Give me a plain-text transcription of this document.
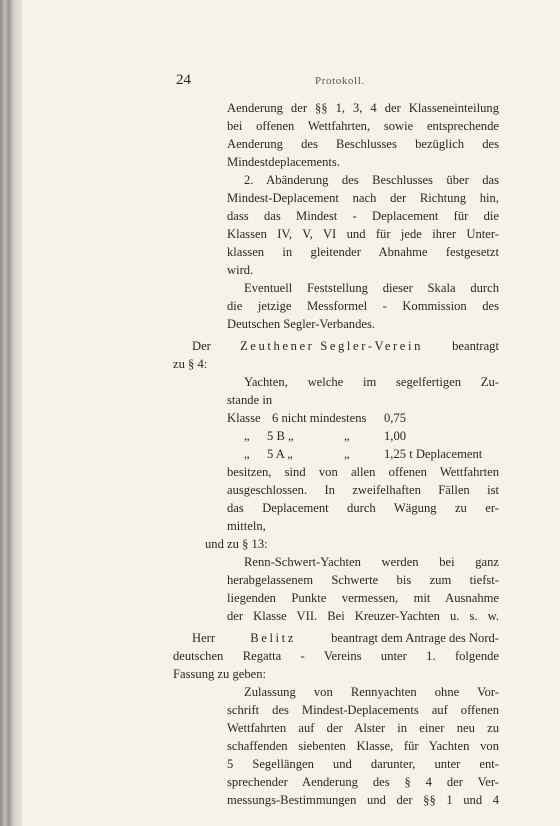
24	Protokoll.
Aenderung der §§ 1, 3, 4 der Klasseneinteilung
bei offenen Wettfahrten, sowie entsprechende
Aenderung des Beschlusses bezüglich des
Mindestdeplacements.
2. Abänderung des Beschlusses über das
Mindest-Deplacement nach der Richtung hin,
dass das Mindest - Deplacement für die
Klassen IV, V, VI und für jede ihrer Unter-
klassen in gleitender Abnahme festgesetzt
wird.
Eventuell Feststellung dieser Skala durch
die jetzige Messformel - Kommission des
Deutschen Segler-Verbandes.
Der Zeuthener Segler-Verein beantragt
zu § 4:
Yachten, welche im segelfertigen Zu-
stande in
Klasse 6 nicht mindestens 0,75
„ 5 B „	„	1,00
„ 5 A „	„	1,25 t Deplacement
besitzen, sind von allen offenen Wettfahrten
ausgeschlossen. In zweifelhaften Fällen ist
das Deplacement durch Wägung zu er-
mitteln,
und zu § 13:
Renn-Schwert-Yachten werden bei ganz
herabgelassenem Schwerte bis zum tiefst-
liegenden Punkte vermessen, mit Ausnahme
der Klasse VII. Bei Kreuzer-Yachten u. s. w.
Herr	Belitz	beantragt dem Antrage des Nord-
deutschen Regatta - Vereins unter 1. folgende
Fassung zu geben:
Zulassung von Rennyachten ohne Vor-
schrift des Mindest-Deplacements auf offenen
Wettfahrten auf der Alster in einer neu zu
schaffenden siebenten Klasse, für Yachten von
5 Segellängen und darunter, unter ent-
sprechender Aenderung des § 4 der Ver-
messungs-Bestimmungen und der §§ 1 und 4
